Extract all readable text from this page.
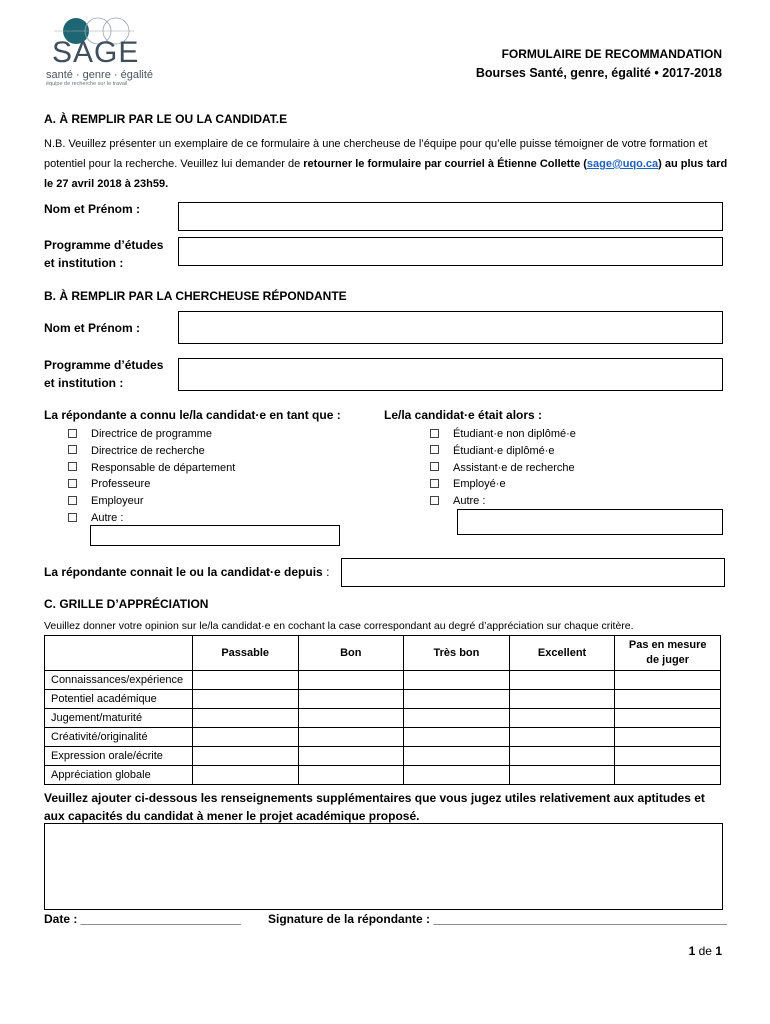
SAGE
santé · genre · égalité
équipe de recherche sur le travail
FORMULAIRE DE RECOMMANDATION
Bourses Santé, genre, égalité • 2017-2018
A. À REMPLIR PAR LE OU LA CANDIDAT.E
N.B. Veuillez présenter un exemplaire de ce formulaire à une chercheuse de l’équipe pour qu’elle puisse témoigner de votre formation et potentiel pour la recherche. Veuillez lui demander de retourner le formulaire par courriel à Étienne Collette (sage@uqo.ca) au plus tard le 27 avril 2018 à 23h59.
Nom et Prénom :
Programme d’études
et institution :
B. À REMPLIR PAR LA CHERCHEUSE RÉPONDANTE
Nom et Prénom :
Programme d’études
et institution :
La répondante a connu le/la candidat·e en tant que :	Le/la candidat·e était alors :
Directrice de programme
Directrice de recherche
Responsable de département
Professeure
Employeur
Autre :
Étudiant·e non diplômé·e
Étudiant·e diplômé·e
Assistant·e de recherche
Employé·e
Autre :
La répondante connait le ou la candidat·e depuis :
C. GRILLE D’APPRÉCIATION
Veuillez donner votre opinion sur le/la candidat·e en cochant la case correspondant au degré d’appréciation sur chaque critère.
	Passable	Bon	Très bon	Excellent	Pas en mesure de juger
Connaissances/expérience					
Potentiel académique					
Jugement/maturité					
Créativité/originalité					
Expression orale/écrite					
Appréciation globale					
Veuillez ajouter ci-dessous les renseignements supplémentaires que vous jugez utiles relativement aux aptitudes et aux capacités du candidat à mener le projet académique proposé.
Date : ________________________ Signature de la répondante : ____________________________________________
1 de 1
